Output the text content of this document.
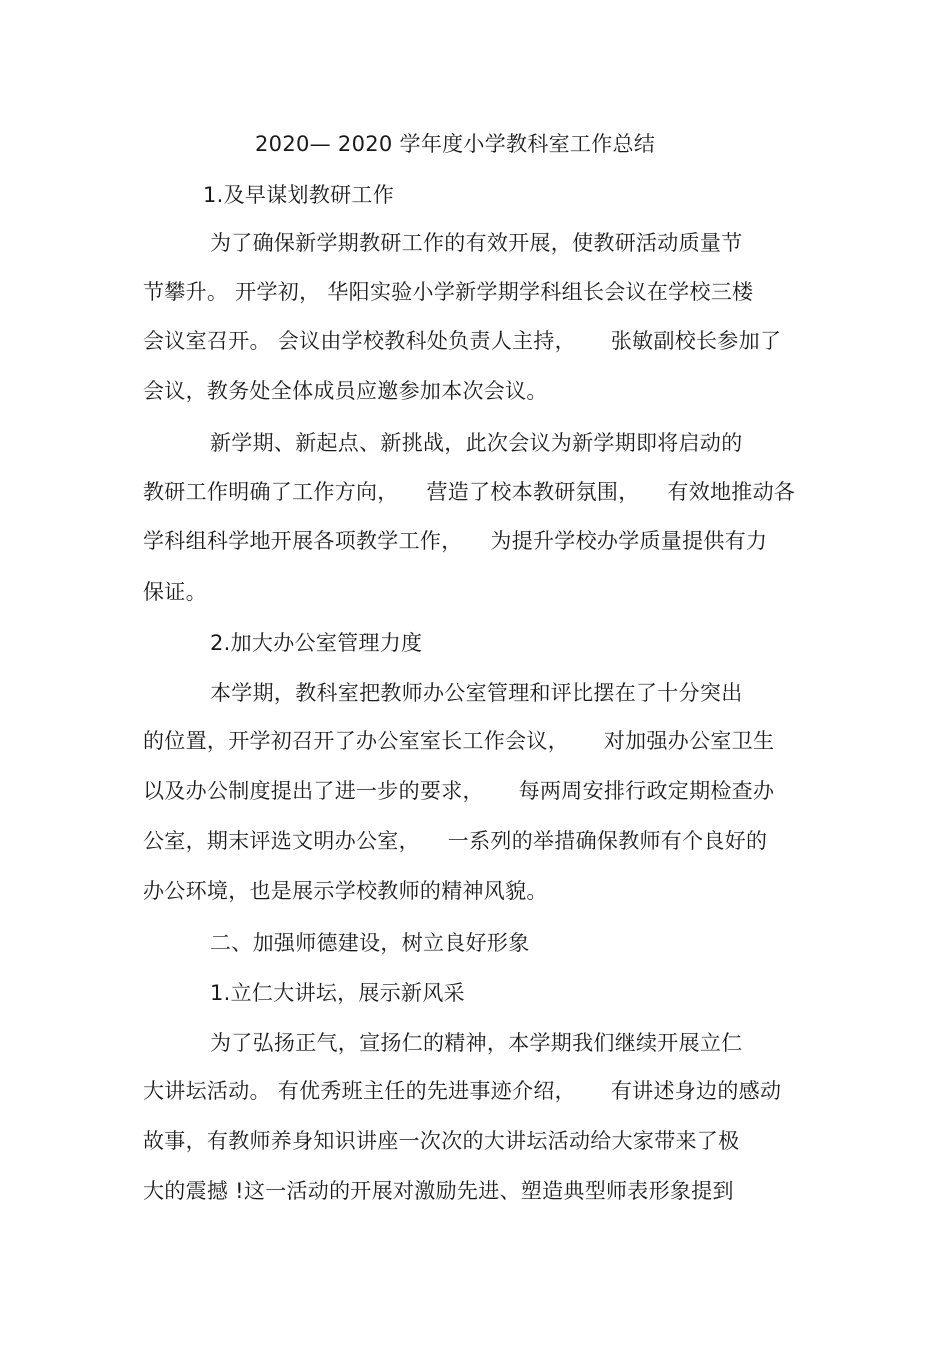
2020— 2020 学年度小学教科室工作总结
1.及早谋划教研工作
为了确保新学期教研工作的有效开展，使教研活动质量节
节攀升。 开学初， 华阳实验小学新学期学科组长会议在学校三楼
会议室召开。 会议由学校教科处负责人主持，     张敏副校长参加了
会议，教务处全体成员应邀参加本次会议。
新学期、新起点、新挑战，此次会议为新学期即将启动的
教研工作明确了工作方向，    营造了校本教研氛围，    有效地推动各
学科组科学地开展各项教学工作，    为提升学校办学质量提供有力
保证。
2.加大办公室管理力度
本学期，教科室把教师办公室管理和评比摆在了十分突出
的位置，开学初召开了办公室室长工作会议，     对加强办公室卫生
以及办公制度提出了进一步的要求，     每两周安排行政定期检查办
公室，期末评选文明办公室，    一系列的举措确保教师有个良好的
办公环境，也是展示学校教师的精神风貌。
二、加强师德建设，树立良好形象
1.立仁大讲坛，展示新风采
为了弘扬正气，宣扬仁的精神，本学期我们继续开展立仁
大讲坛活动。 有优秀班主任的先进事迹介绍，     有讲述身边的感动
故事，有教师养身知识讲座一次次的大讲坛活动给大家带来了极
大的震撼 !这一活动的开展对激励先进、塑造典型师表形象提到
